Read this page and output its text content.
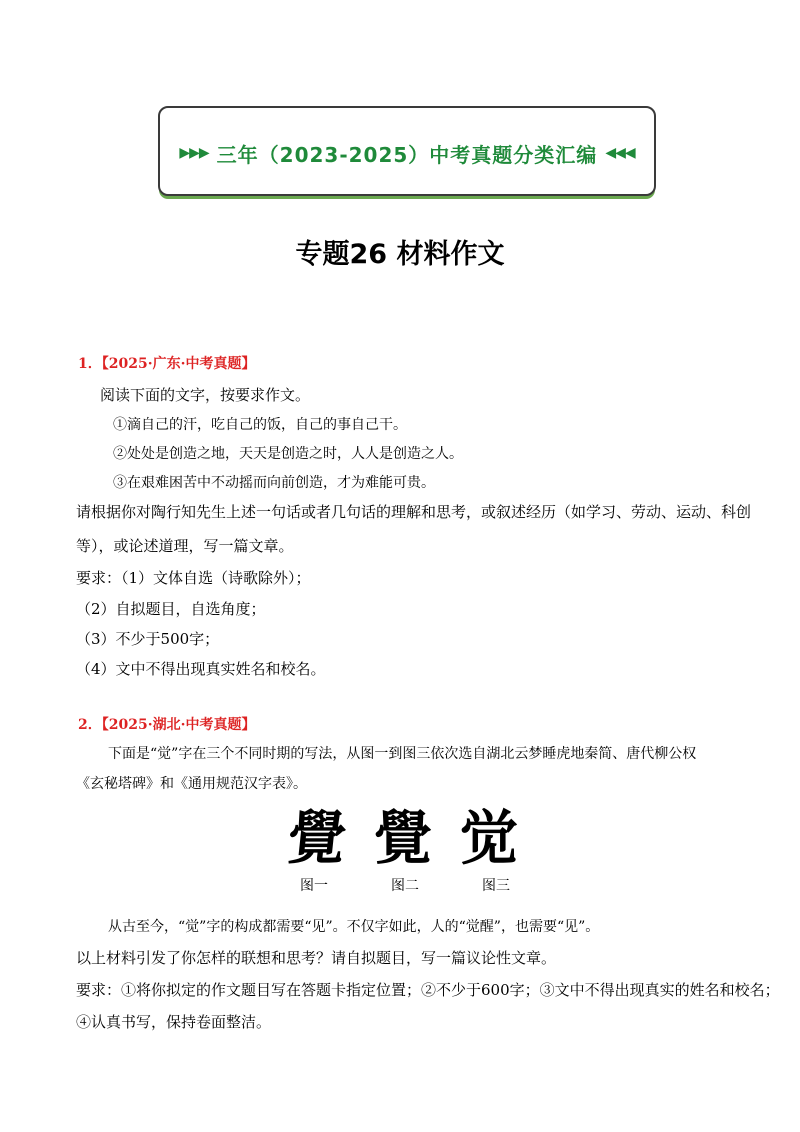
▶▶▶ 三年（2023-2025）中考真题分类汇编 ◀◀◀
专题26 材料作文
1．【2025·广东·中考真题】
阅读下面的文字，按要求作文。
①滴自己的汗，吃自己的饭，自己的事自己干。
②处处是创造之地，天天是创造之时，人人是创造之人。
③在艰难困苦中不动摇而向前创造，才为难能可贵。
请根据你对陶行知先生上述一句话或者几句话的理解和思考，或叙述经历（如学习、劳动、运动、科创
等），或论述道理，写一篇文章。
要求：（1）文体自选（诗歌除外）；
（2）自拟题目，自选角度；
（3）不少于500字；
（4）文中不得出现真实姓名和校名。
2．【2025·湖北·中考真题】
下面是“觉”字在三个不同时期的写法，从图一到图三依次选自湖北云梦睡虎地秦简、唐代柳公权
《玄秘塔碑》和《通用规范汉字表》。
覺 覺 觉
图一	图二	图三
从古至今，“觉”字的构成都需要“见”。不仅字如此，人的“觉醒”，也需要“见”。
以上材料引发了你怎样的联想和思考？请自拟题目，写一篇议论性文章。
要求：①将你拟定的作文题目写在答题卡指定位置；②不少于600字；③文中不得出现真实的姓名和校名；
④认真书写，保持卷面整洁。
